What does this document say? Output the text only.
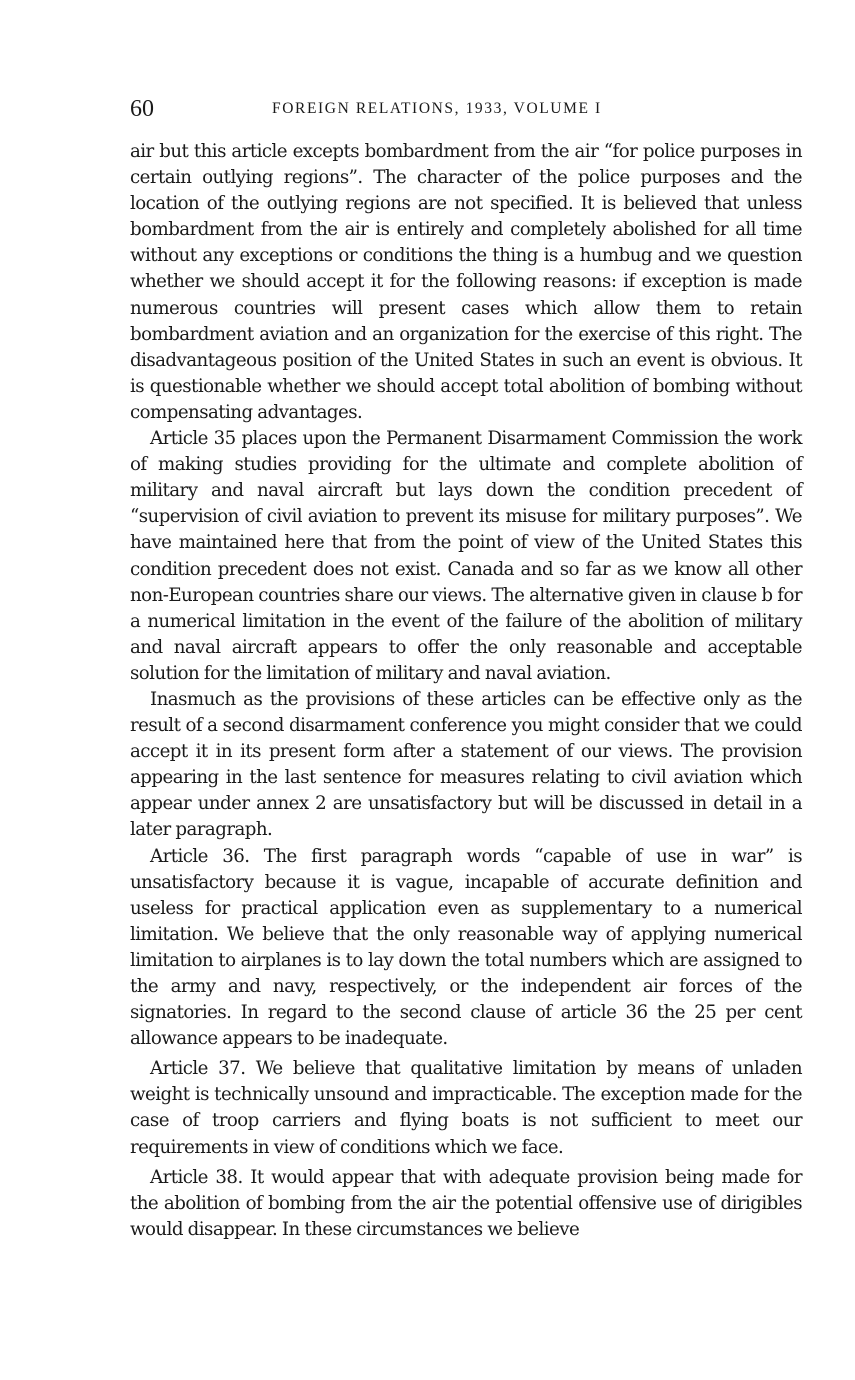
60	FOREIGN RELATIONS, 1933, VOLUME I

air but this article excepts bombardment from the air “for police purposes in certain outlying regions”. The character of the police purposes and the location of the outlying regions are not specified. It is believed that unless bombardment from the air is entirely and completely abolished for all time without any exceptions or conditions the thing is a humbug and we question whether we should accept it for the following reasons: if exception is made numerous countries will present cases which allow them to retain bombardment aviation and an organization for the exercise of this right. The disadvantageous position of the United States in such an event is obvious. It is questionable whether we should accept total abolition of bombing without compensating advantages.

Article 35 places upon the Permanent Disarmament Commission the work of making studies providing for the ultimate and complete abolition of military and naval aircraft but lays down the condition precedent of “supervision of civil aviation to prevent its misuse for military purposes”. We have maintained here that from the point of view of the United States this condition precedent does not exist. Canada and so far as we know all other non-European countries share our views. The alternative given in clause b for a numerical limitation in the event of the failure of the abolition of military and naval aircraft appears to offer the only reasonable and acceptable solution for the limitation of military and naval aviation.

Inasmuch as the provisions of these articles can be effective only as the result of a second disarmament conference you might consider that we could accept it in its present form after a statement of our views. The provision appearing in the last sentence for measures relating to civil aviation which appear under annex 2 are unsatisfactory but will be discussed in detail in a later paragraph.

Article 36. The first paragraph words “capable of use in war” is unsatisfactory because it is vague, incapable of accurate definition and useless for practical application even as supplementary to a numerical limitation. We believe that the only reasonable way of applying numerical limitation to airplanes is to lay down the total numbers which are assigned to the army and navy, respectively, or the independent air forces of the signatories. In regard to the second clause of article 36 the 25 per cent allowance appears to be inadequate.

Article 37. We believe that qualitative limitation by means of unladen weight is technically unsound and impracticable. The exception made for the case of troop carriers and flying boats is not sufficient to meet our requirements in view of conditions which we face.

Article 38. It would appear that with adequate provision being made for the abolition of bombing from the air the potential offensive use of dirigibles would disappear. In these circumstances we believe
